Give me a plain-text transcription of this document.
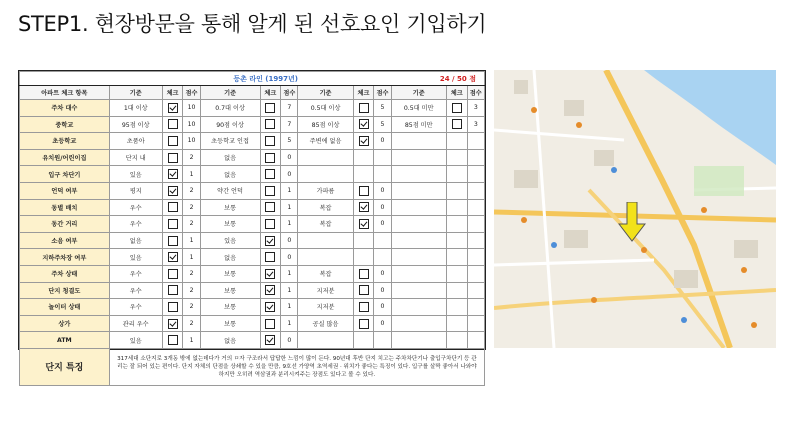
STEP1. 현장방문을 통해 알게 된 선호요인 기입하기
등촌 라인 (1997년)							24 / 50 점					
아파트 체크 항목	기준	체크	점수	기준	체크	점수	기준	체크	점수	기준	체크	점수
주차 대수	1대 이상		10	0.7대 이상		7	0.5대 이상		5	0.5대 미만		3
중학교	95점 이상		10	90점 이상		7	85점 이상		5	85점 미만		3
초등학교	초품아		10	초등학교 인접		5	주변에 없음		0			
유치원/어린이집	단지 내		2	없음		0						
입구 차단기	있음		1	없음		0						
언덕 여부	평지		2	약간 언덕		1	가파름		0			
동별 배치	우수		2	보통		1	복잡		0			
동간 거리	우수		2	보통		1	복잡		0			
소음 여부	없음		1	있음		0						
지하주차장 여부	있음		1	없음		0						
주차 상태	우수		2	보통		1	복잡		0			
단지 청결도	우수		2	보통		1	지저분		0			
놀이터 상태	우수		2	보통		1	지저분		0			
상가	관리 우수		2	보통		1	공실 많음		0			
ATM	있음		1	없음		0						
단지 특징	317세대 소단지로 3개동 밖에 없는데다가 거의 ㅁ자 구조라서 답답한 느낌이 많이 든다. 90년대 후반 단지 치고는 주차차단기나 출입구차단기 등 관리는 잘 되어 있는 편이다. 단지 자체의 단점을 상쇄할 수 있을 만큼, 9호선 가양역 초역세권 · 위치가 좋다는 특징이 있다. 입구를 살짝 좋아서 나와야 하지만 오히려 역삼권과 분리시켜주는 장점도 있다고 볼 수 있다.											
